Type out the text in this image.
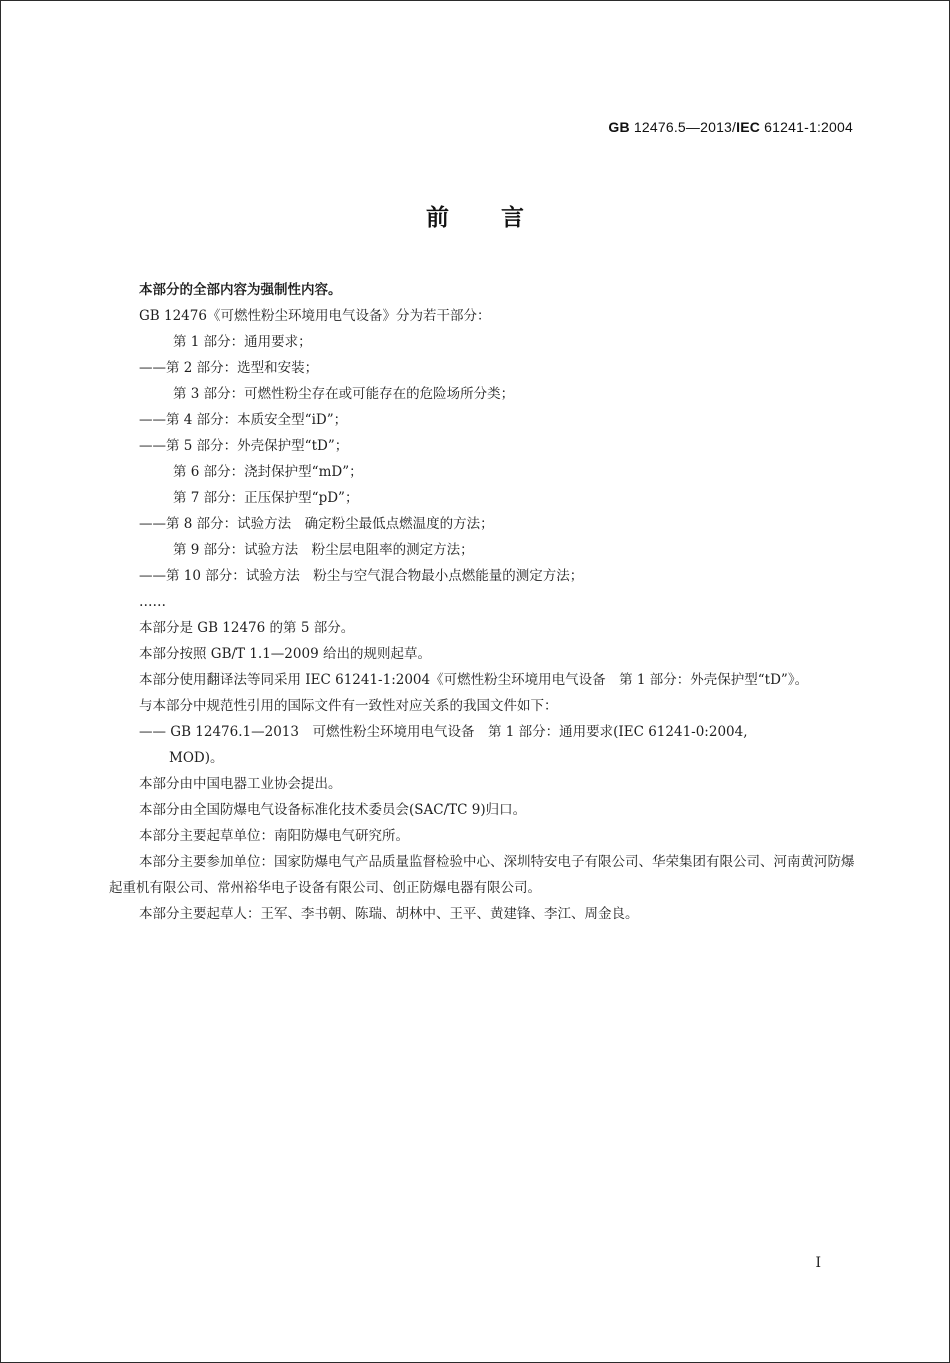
GB 12476.5—2013/IEC 61241-1:2004
前言
本部分的全部内容为强制性内容。
GB 12476《可燃性粉尘环境用电气设备》分为若干部分：
第 1 部分：通用要求；
——第 2 部分：选型和安装；
第 3 部分：可燃性粉尘存在或可能存在的危险场所分类；
——第 4 部分：本质安全型“iD”；
——第 5 部分：外壳保护型“tD”；
第 6 部分：浇封保护型“mD”；
第 7 部分：正压保护型“pD”；
——第 8 部分：试验方法　确定粉尘最低点燃温度的方法；
第 9 部分：试验方法　粉尘层电阻率的测定方法；
——第 10 部分：试验方法　粉尘与空气混合物最小点燃能量的测定方法；
……
本部分是 GB 12476 的第 5 部分。
本部分按照 GB/T 1.1—2009 给出的规则起草。
本部分使用翻译法等同采用 IEC 61241-1:2004《可燃性粉尘环境用电气设备　第 1 部分：外壳保护型“tD”》。
与本部分中规范性引用的国际文件有一致性对应关系的我国文件如下：
—— GB 12476.1—2013　可燃性粉尘环境用电气设备　第 1 部分：通用要求(IEC 61241-0:2004,
MOD)。
本部分由中国电器工业协会提出。
本部分由全国防爆电气设备标准化技术委员会(SAC/TC 9)归口。
本部分主要起草单位：南阳防爆电气研究所。
本部分主要参加单位：国家防爆电气产品质量监督检验中心、深圳特安电子有限公司、华荣集团有限公司、河南黄河防爆起重机有限公司、常州裕华电子设备有限公司、创正防爆电器有限公司。
本部分主要起草人：王军、李书朝、陈瑞、胡林中、王平、黄建锋、李江、周金良。
I
